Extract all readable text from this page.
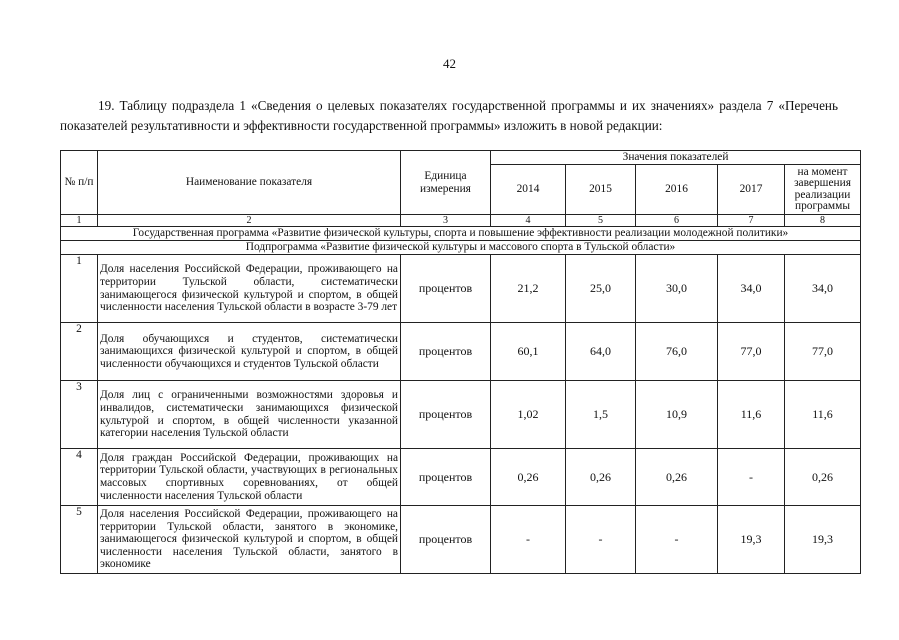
42

19. Таблицу подраздела 1 «Сведения о целевых показателях государственной программы и их значениях» раздела 7 «Перечень показателей результативности и эффективности государственной программы» изложить в новой редакции:

№ п/п	Наименование показателя	Единица измерения	Значения показателей				
			2014	2015	2016	2017	на момент завершения реализации программы
1	2	3	4	5	6	7	8
Государственная программа «Развитие физической культуры, спорта и повышение эффективности реализации молодежной политики»							
Подпрограмма «Развитие физической культуры и массового спорта в Тульской области»							
1	Доля населения Российской Федерации, проживающего на территории Тульской области, систематически занимающегося физической культурой и спортом, в общей численности населения Тульской области в возрасте 3-79 лет	процентов	21,2	25,0	30,0	34,0	34,0
2	Доля обучающихся и студентов, систематически занимающихся физической культурой и спортом, в общей численности обучающихся и студентов Тульской области	процентов	60,1	64,0	76,0	77,0	77,0
3	Доля лиц с ограниченными возможностями здоровья и инвалидов, систематически занимающихся физической культурой и спортом, в общей численности указанной категории населения Тульской области	процентов	1,02	1,5	10,9	11,6	11,6
4	Доля граждан Российской Федерации, проживающих на территории Тульской области, участвующих в региональных массовых спортивных соревнованиях, от общей численности населения Тульской области	процентов	0,26	0,26	0,26	-	0,26
5	Доля населения Российской Федерации, проживающего на территории Тульской области, занятого в экономике, занимающегося физической культурой и спортом, в общей численности населения Тульской области, занятого в экономике	процентов	-	-	-	19,3	19,3
